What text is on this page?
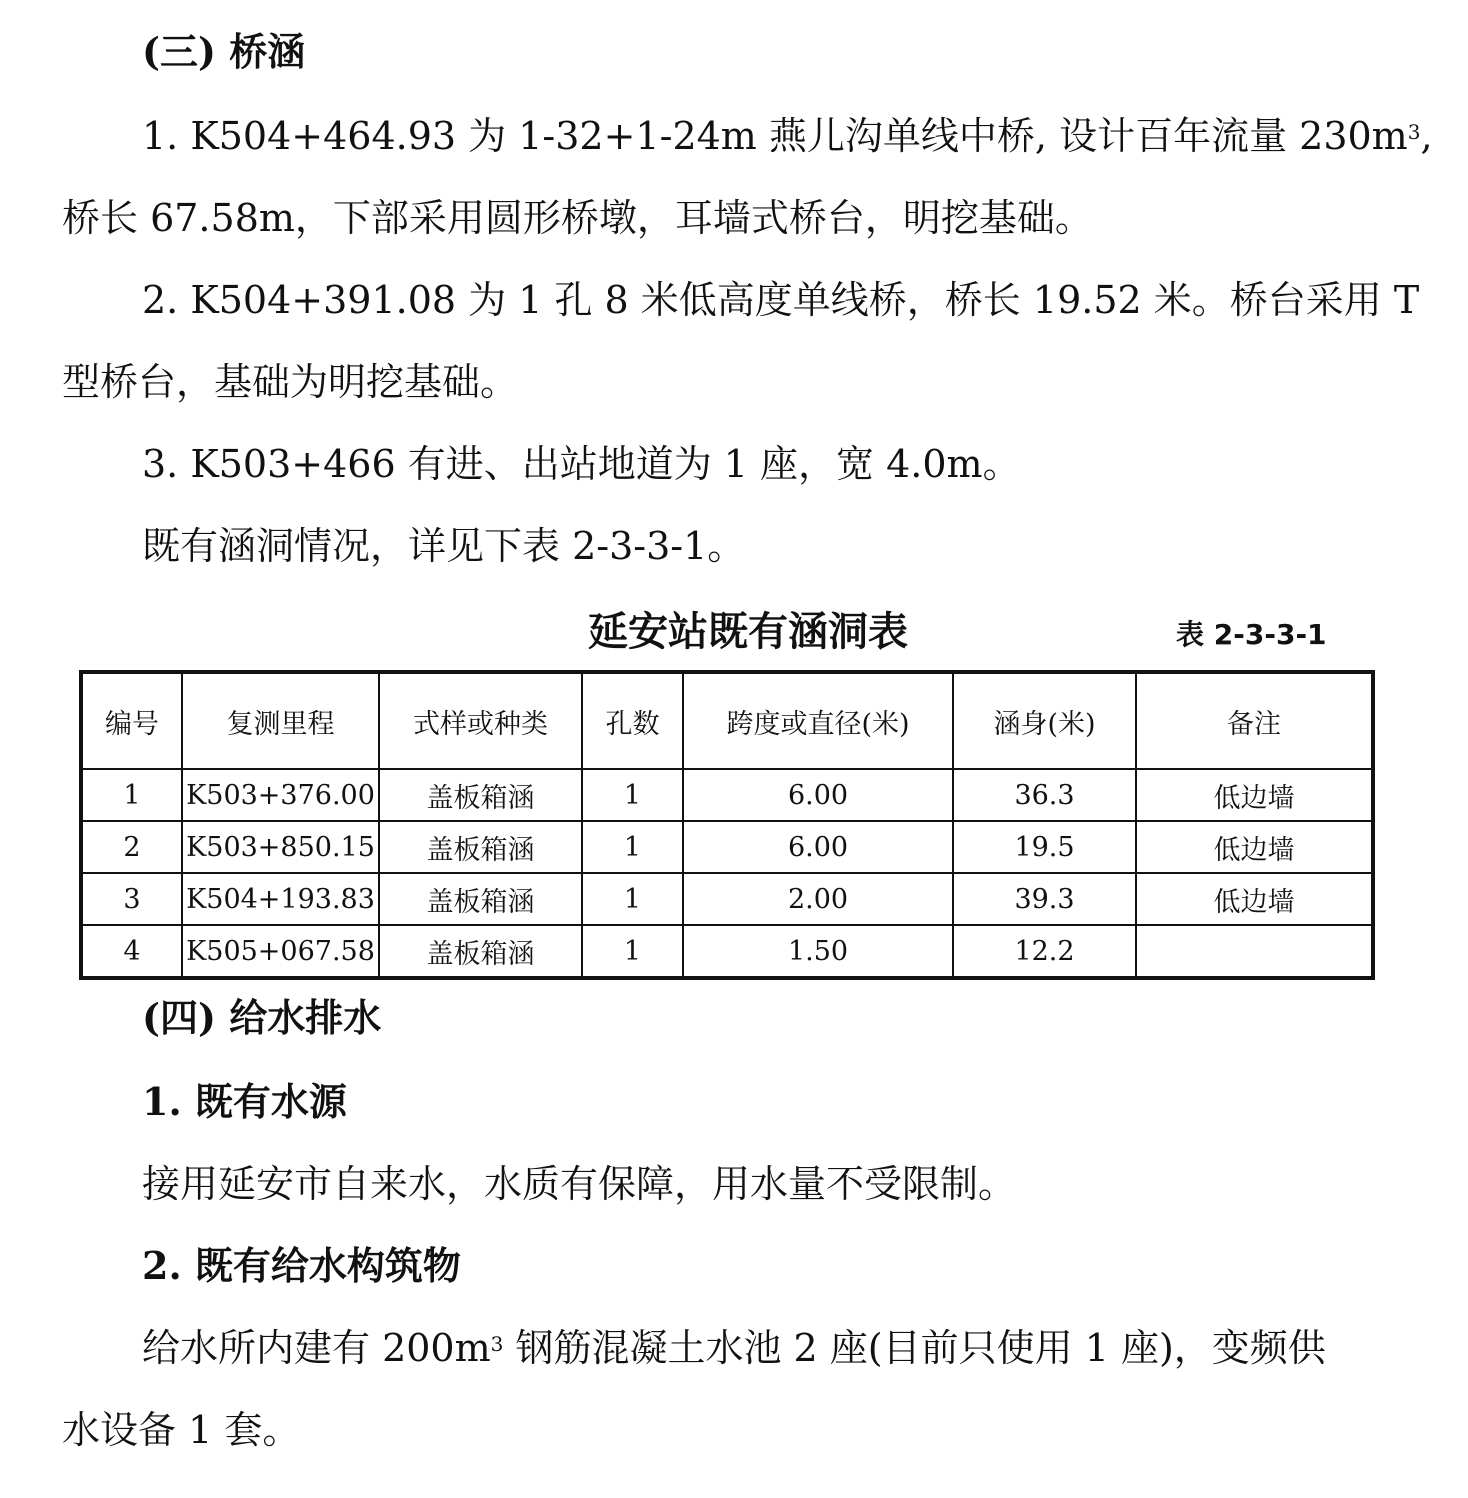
(三) 桥涵
1. K504+464.93 为 1-32+1-24m 燕儿沟单线中桥, 设计百年流量 $230m^3$,
桥长 67.58m，下部采用圆形桥墩，耳墙式桥台，明挖基础。
2. K504+391.08 为 1 孔 8 米低高度单线桥，桥长 19.52 米。桥台采用 T
型桥台，基础为明挖基础。
3. K503+466 有进、出站地道为 1 座，宽 4.0m。
既有涵洞情况，详见下表 2-3-3-1。
延安站既有涵洞表	表 2-3-3-1
编号	复测里程	式样或种类	孔数	跨度或直径(米)	涵身(米)	备注
1	K503+376.00	盖板箱涵	1	6.00	36.3	低边墙
2	K503+850.15	盖板箱涵	1	6.00	19.5	低边墙
3	K504+193.83	盖板箱涵	1	2.00	39.3	低边墙
4	K505+067.58	盖板箱涵	1	1.50	12.2	
(四) 给水排水
1. 既有水源
接用延安市自来水，水质有保障，用水量不受限制。
2. 既有给水构筑物
给水所内建有 $200m^3$ 钢筋混凝土水池 2 座(目前只使用 1 座)，变频供
水设备 1 套。
